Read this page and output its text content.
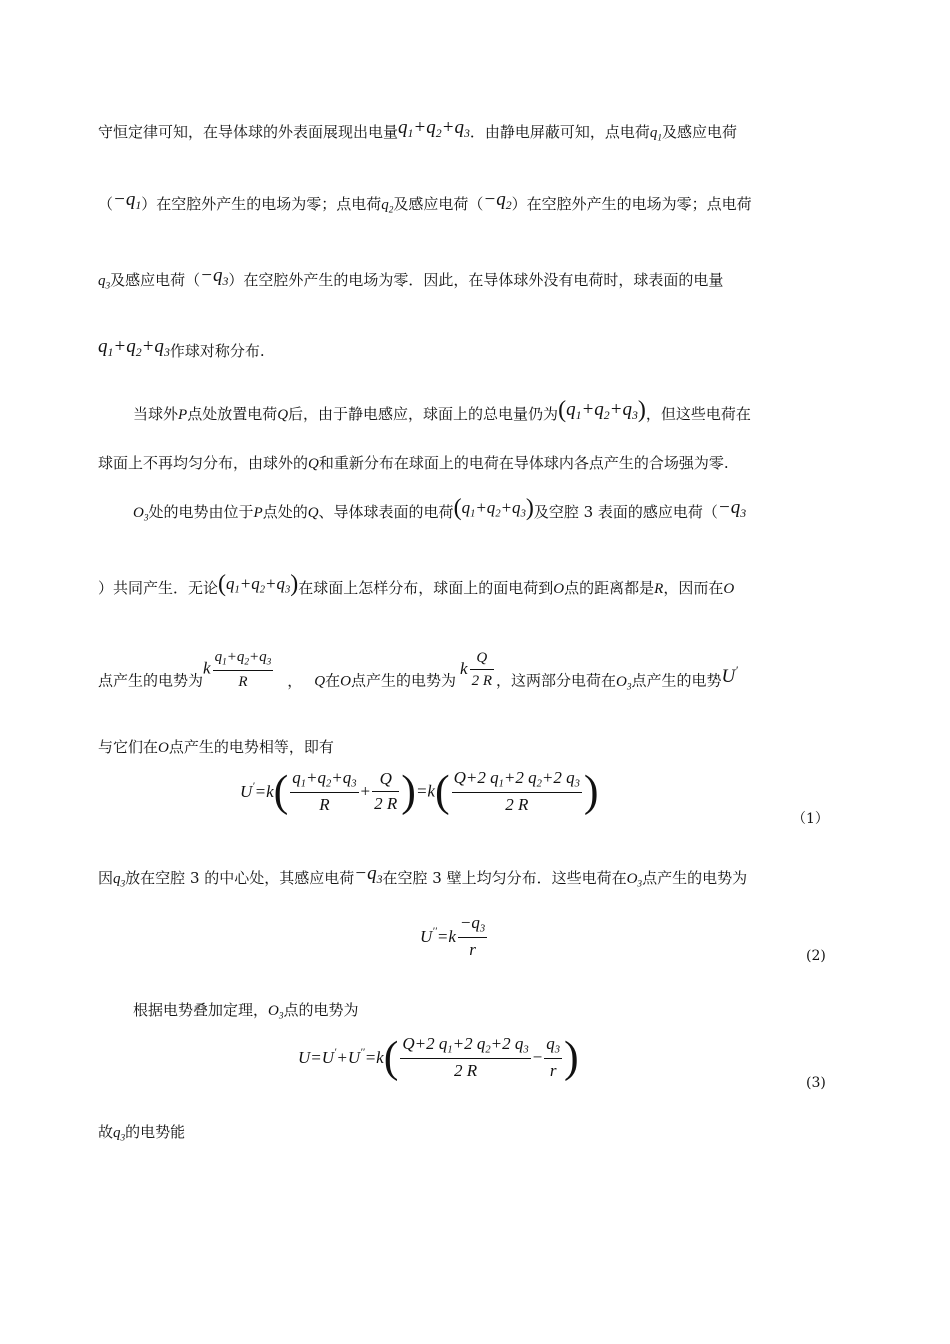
守恒定律可知，在导体球的外表面展现出电量$q_1+q_2+q_3$．由静电屏蔽可知，点电荷$q_1$及感应电荷
$(-q_1)$在空腔外产生的电场为零；点电荷$q_2$及感应电荷$(-q_2)$在空腔外产生的电场为零；点电荷
$q_3$及感应电荷$(-q_3)$在空腔外产生的电场为零．因此，在导体球外没有电荷时，球表面的电量
$q_1+q_2+q_3$作球对称分布.
当球外P点处放置电荷Q后，由于静电感应，球面上的总电量仍为$(q_1+q_2+q_3)$，但这些电荷在
球面上不再均匀分布，由球外的Q和重新分布在球面上的电荷在导体球内各点产生的合场强为零.
$O_3$处的电势由位于P点处的Q、导体球表面的电荷$(q_1+q_2+q_3)$及空腔 3 表面的感应电荷（$-q_3$
）共同产生．无论$(q_1+q_2+q_3)$在球面上怎样分布，球面上的面电荷到O点的距离都是R，因而在O
点产生的电势为k $\frac{q_1+q_2+q_3}{R}$ ， Q在O点产生的电势为k $\frac{Q}{2 R}$ ，这两部分电荷在$O_3$点产生的电势U′
与它们在O点产生的电势相等，即有
$U'=k( \frac{q_1+q_2+q_3}{R} + \frac{Q}{2 R} )=k( \frac{Q+2 q_1+2 q_2+2 q_3}{2 R}$ )
（1）
因$q_3$放在空腔 3 的中心处，其感应电荷$-q_3$在空腔 3 壁上均匀分布．这些电荷在$O_3$点产生的电势为
$U''=k \frac{-q_3}{r}$	(2)
根据电势叠加定理，$O_3$点的电势为
$U=U'+U''=k( \frac{Q+2 q_1+2 q_2+2 q_3}{2 R} - \frac{q_3}{r}$ )
(3)
故$q_3$的电势能
